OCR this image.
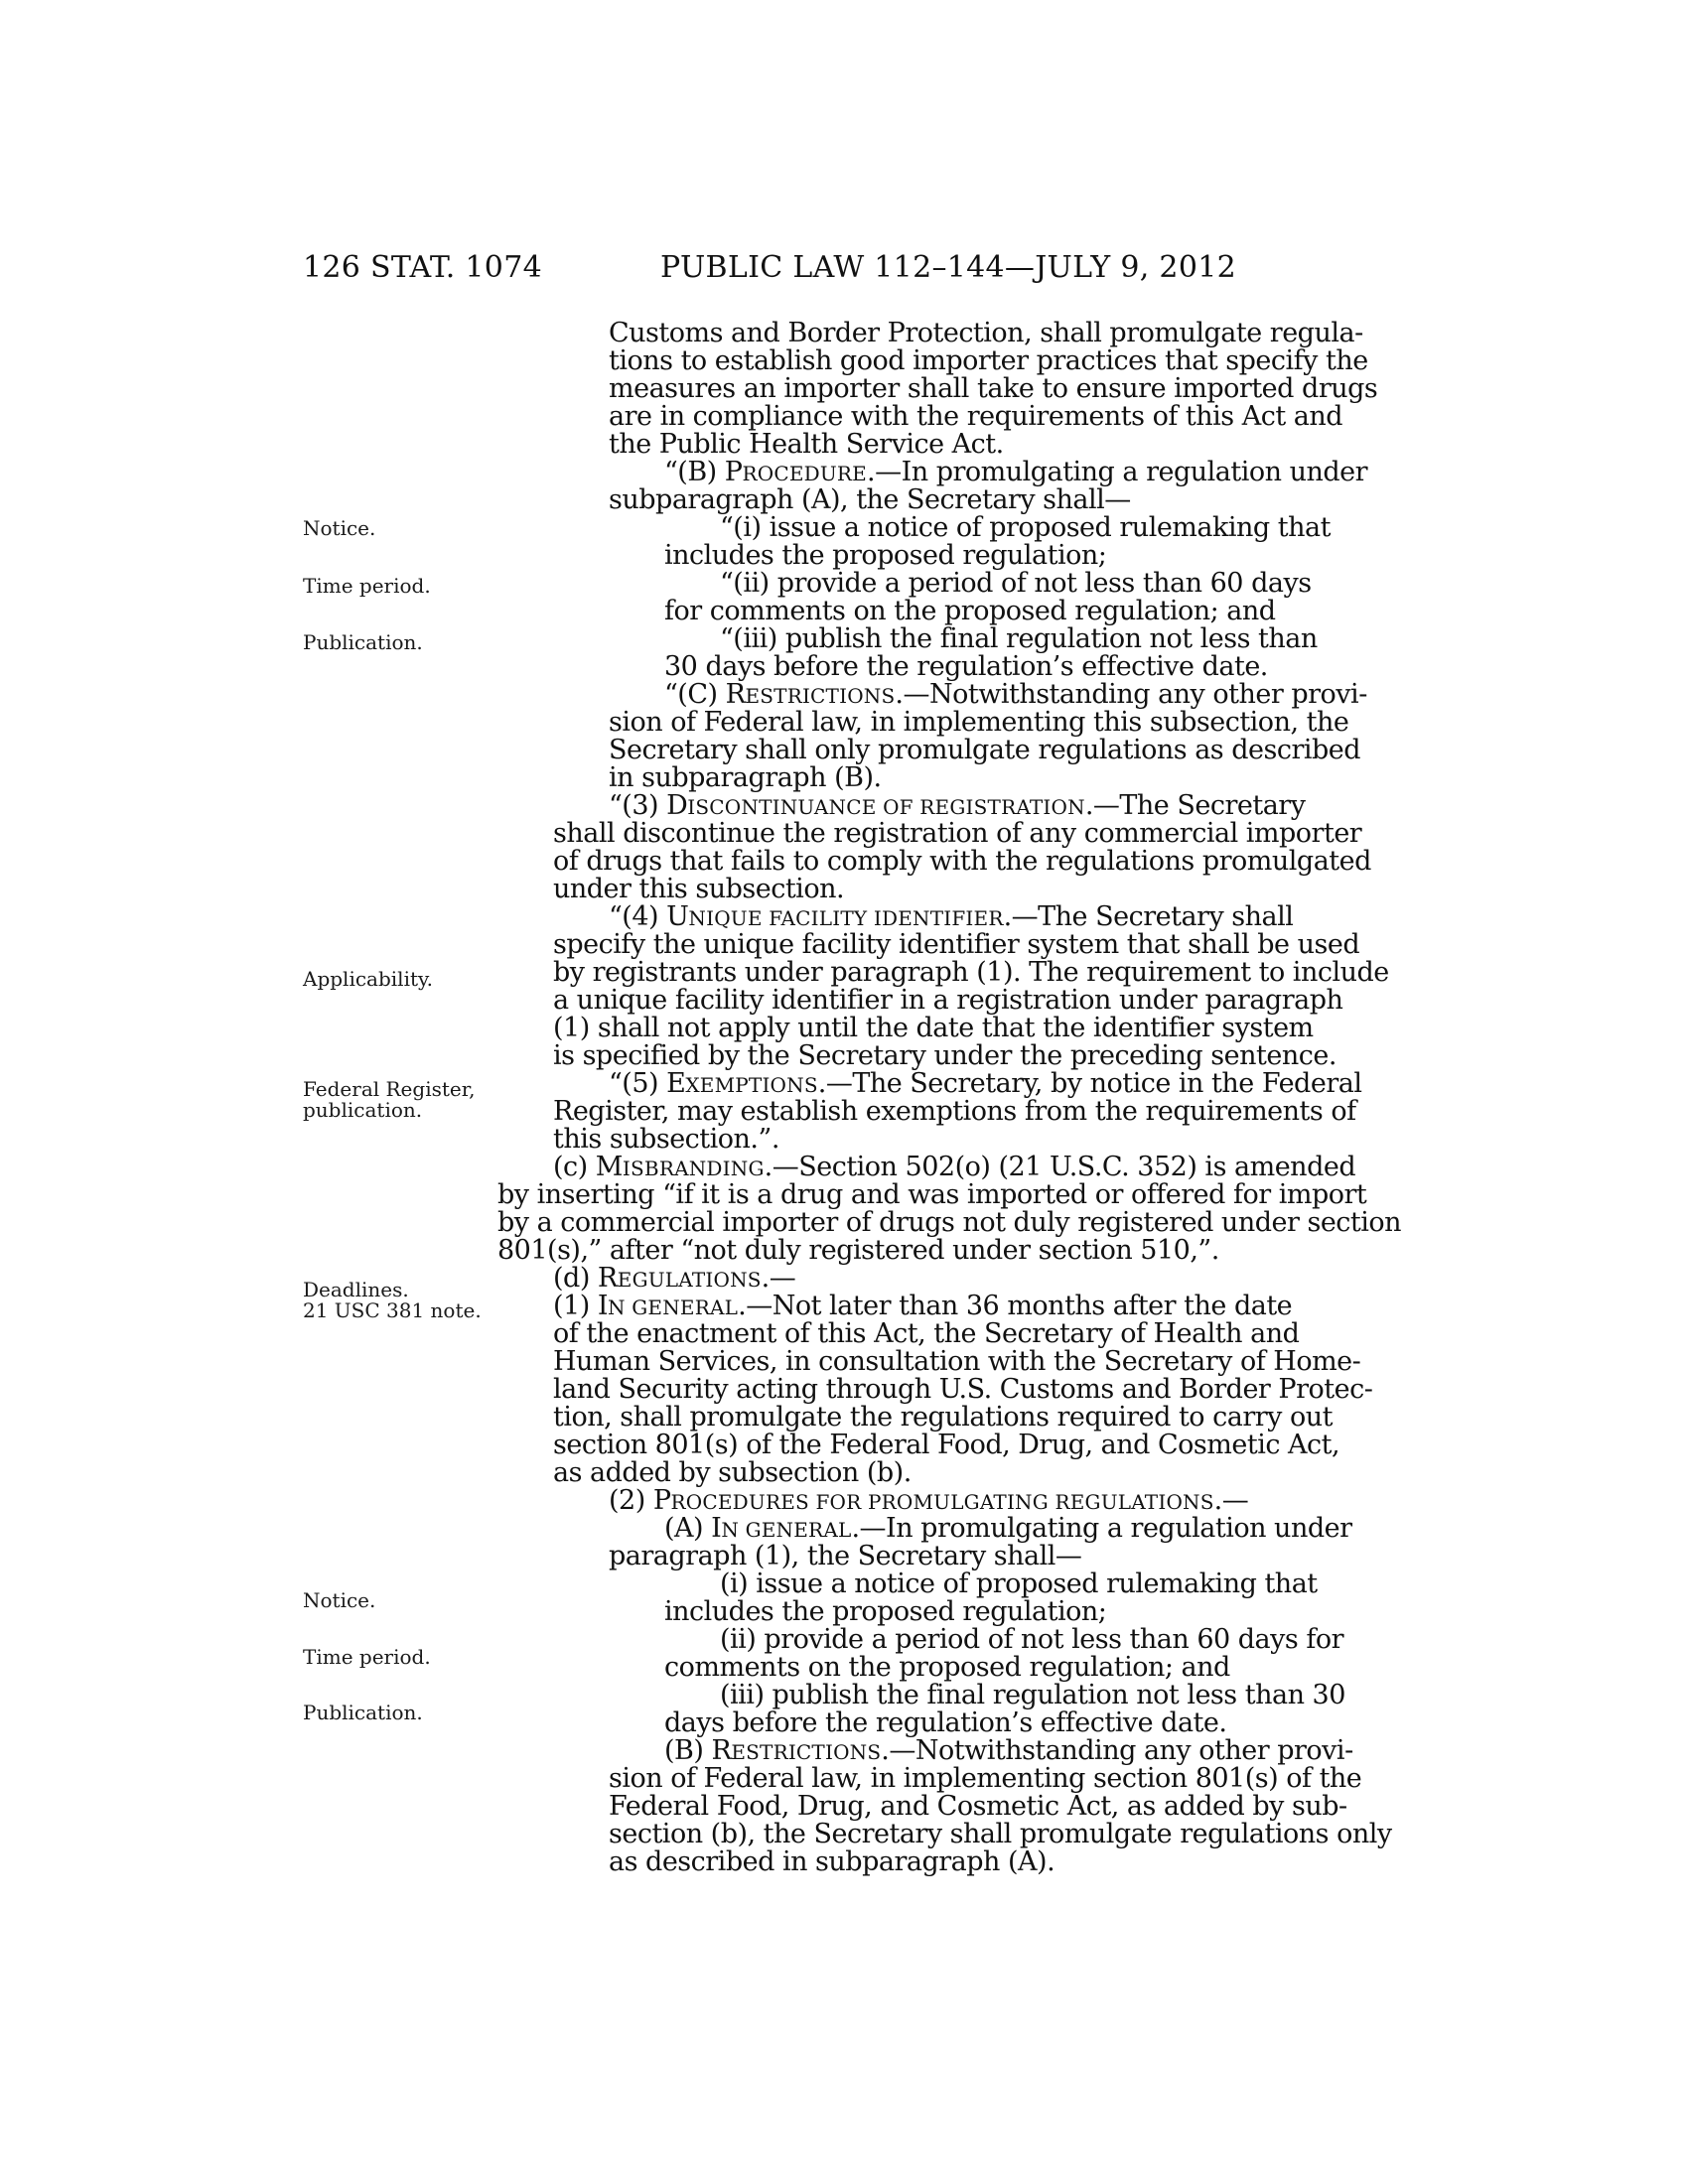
126 STAT. 1074	PUBLIC LAW 112–144—JULY 9, 2012
Notice.
Time period.
Publication.
Applicability.
Federal Register,
publication.
Deadlines.
21 USC 381 note.
Notice.
Time period.
Publication.
Customs and Border Protection, shall promulgate regula-
tions to establish good importer practices that specify the
measures an importer shall take to ensure imported drugs
are in compliance with the requirements of this Act and
the Public Health Service Act.
“(B) PROCEDURE.—In promulgating a regulation under
subparagraph (A), the Secretary shall—
“(i) issue a notice of proposed rulemaking that
includes the proposed regulation;
“(ii) provide a period of not less than 60 days
for comments on the proposed regulation; and
“(iii) publish the final regulation not less than
30 days before the regulation’s effective date.
“(C) RESTRICTIONS.—Notwithstanding any other provi-
sion of Federal law, in implementing this subsection, the
Secretary shall only promulgate regulations as described
in subparagraph (B).
“(3) DISCONTINUANCE OF REGISTRATION.—The Secretary
shall discontinue the registration of any commercial importer
of drugs that fails to comply with the regulations promulgated
under this subsection.
“(4) UNIQUE FACILITY IDENTIFIER.—The Secretary shall
specify the unique facility identifier system that shall be used
by registrants under paragraph (1). The requirement to include
a unique facility identifier in a registration under paragraph
(1) shall not apply until the date that the identifier system
is specified by the Secretary under the preceding sentence.
“(5) EXEMPTIONS.—The Secretary, by notice in the Federal
Register, may establish exemptions from the requirements of
this subsection.”.
(c) MISBRANDING.—Section 502(o) (21 U.S.C. 352) is amended
by inserting “if it is a drug and was imported or offered for import
by a commercial importer of drugs not duly registered under section
801(s),” after “not duly registered under section 510,”.
(d) REGULATIONS.—
(1) IN GENERAL.—Not later than 36 months after the date
of the enactment of this Act, the Secretary of Health and
Human Services, in consultation with the Secretary of Home-
land Security acting through U.S. Customs and Border Protec-
tion, shall promulgate the regulations required to carry out
section 801(s) of the Federal Food, Drug, and Cosmetic Act,
as added by subsection (b).
(2) PROCEDURES FOR PROMULGATING REGULATIONS.—
(A) IN GENERAL.—In promulgating a regulation under
paragraph (1), the Secretary shall—
(i) issue a notice of proposed rulemaking that
includes the proposed regulation;
(ii) provide a period of not less than 60 days for
comments on the proposed regulation; and
(iii) publish the final regulation not less than 30
days before the regulation’s effective date.
(B) RESTRICTIONS.—Notwithstanding any other provi-
sion of Federal law, in implementing section 801(s) of the
Federal Food, Drug, and Cosmetic Act, as added by sub-
section (b), the Secretary shall promulgate regulations only
as described in subparagraph (A).
